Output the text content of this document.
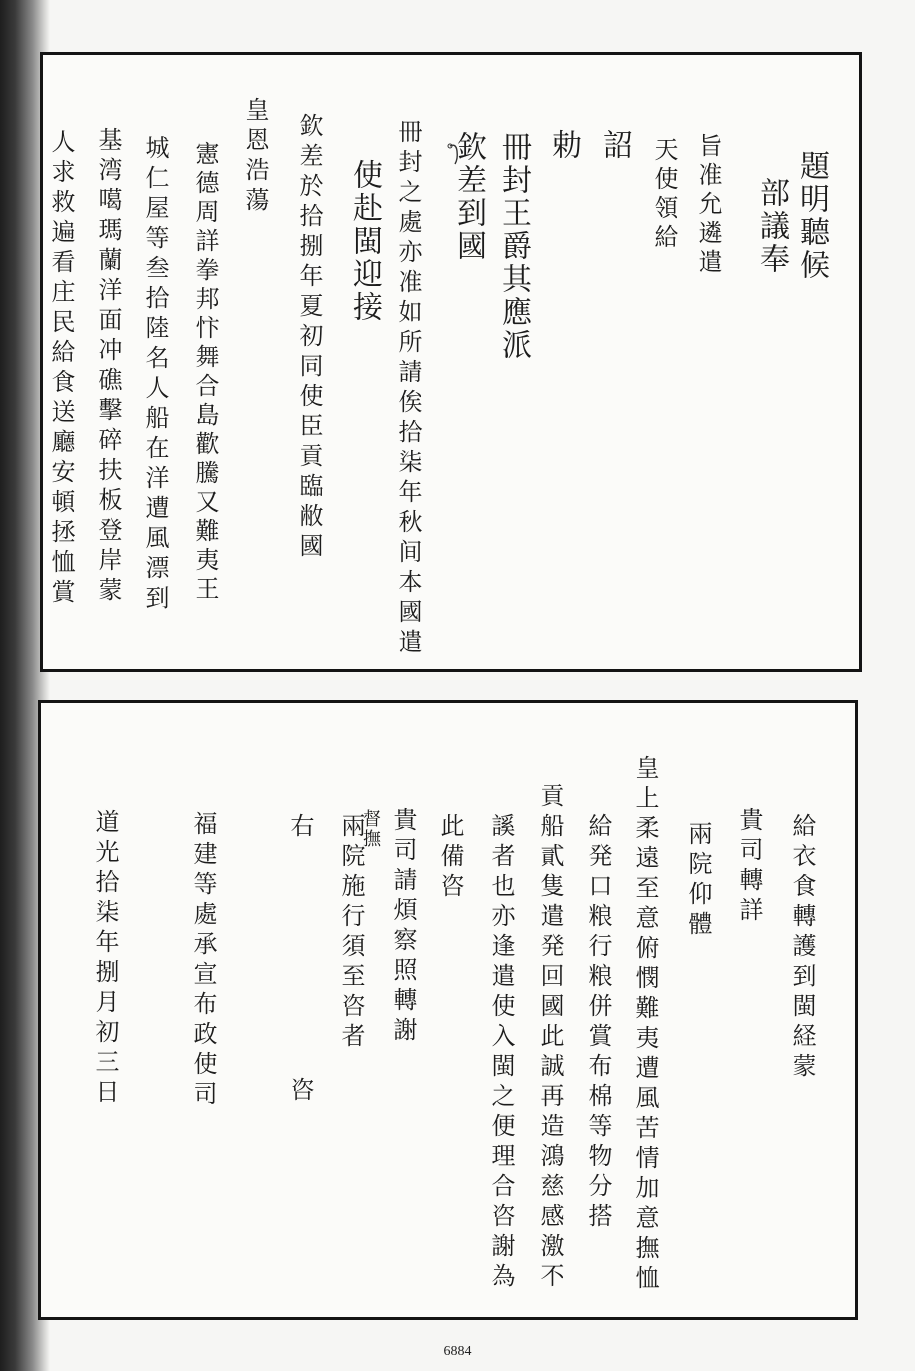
題明聽候
部議奉
旨准允遴遣
天使領給
詔
勅
冊封王爵其應派
欽差到國
冊封之處亦准如所請俟拾柒年秋间本國遣
使赴閩迎接
欽差於拾捌年夏初同使臣貢臨敝國
皇恩浩蕩
憲德周詳拳邦忭舞合島歡騰又難夷王
城仁屋等叁拾陸名人船在洋遭風漂到
基湾噶瑪蘭洋面冲礁擊碎扶板登岸蒙
人求救遍看庄民給食送廳安頓拯恤賞
給衣食轉護到閩経蒙
貴司轉詳
兩院仰體
皇上柔遠至意俯憫難夷遭風苦情加意撫恤
給発口粮行粮併賞布棉等物分搭
貢船貳隻遣発回國此誠再造鴻慈感激不
謑者也亦逢遣使入閩之便理合咨謝為
此備咨
貴司請煩察照轉謝
兩院施行須至咨者
督撫
右
咨
福建等處承宣布政使司
道光拾柒年捌月初三日
6884
